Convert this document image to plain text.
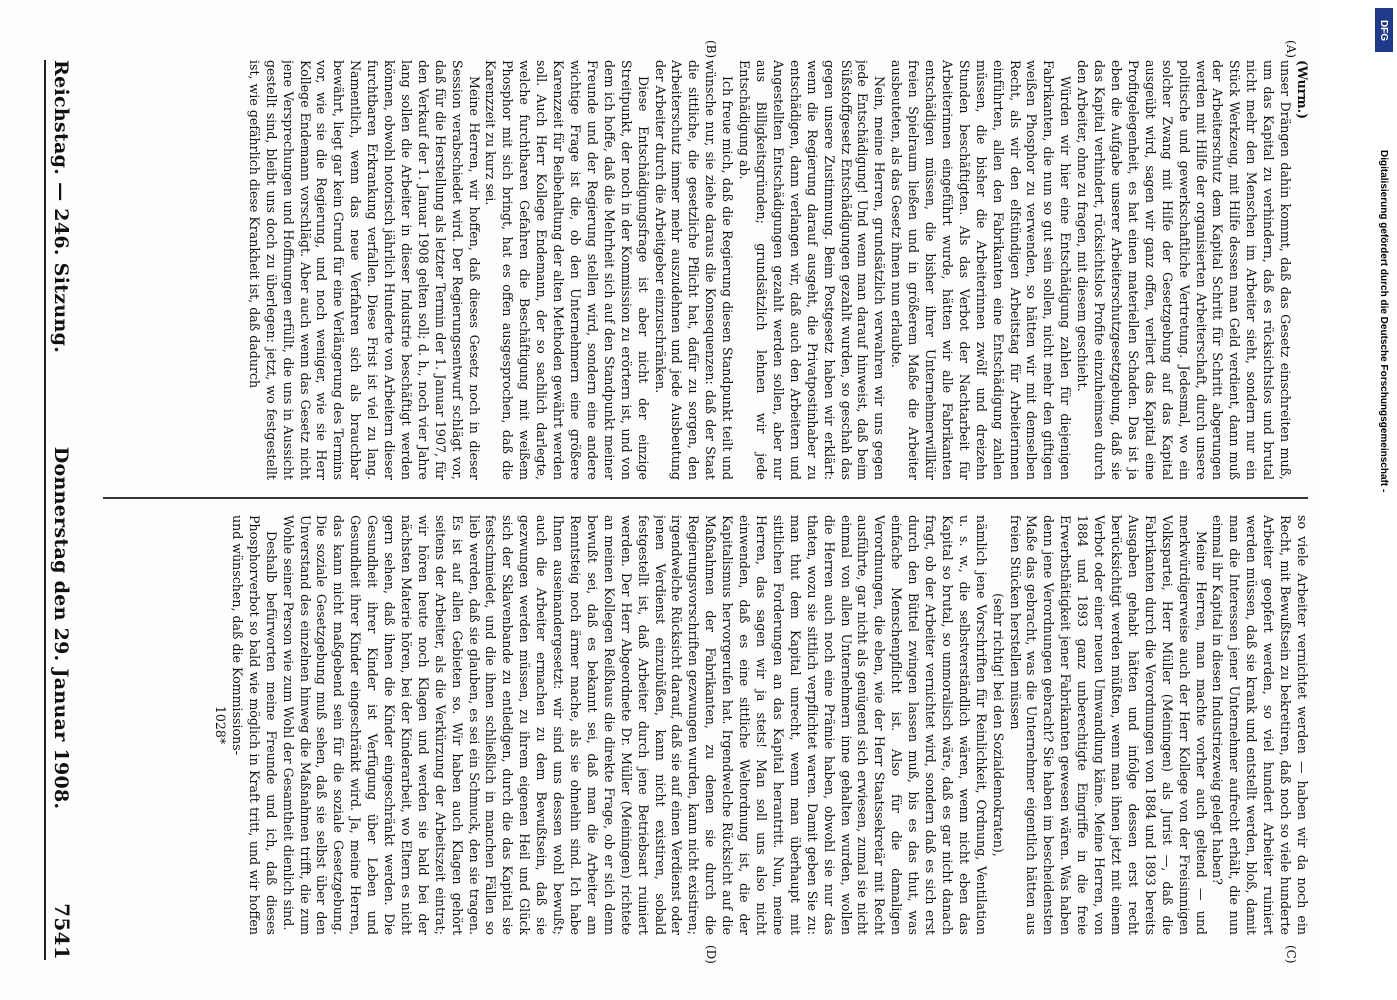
(Wurm.)

unser Drängen dahin kommt, daß das Gesetz einschreiten muß, um das Kapital zu verhindern, daß es rücksichtslos und brutal nicht mehr den Menschen im Arbeiter sieht, sondern nur ein Stück Werkzeug, mit Hilfe dessen man Geld verdient, dann muß der Arbeiterschutz dem Kapital Schritt für Schritt abgerungen werden mit Hilfe der organisierten Arbeiterschaft, durch unsere politische und gewerkschaftliche Vertretung. Jedesmal, wo ein solcher Zwang mit Hilfe der Gesetzgebung auf das Kapital ausgeübt wird, sagen wir ganz offen, verliert das Kapital eine Profitgelegenheit, es hat einen materiellen Schaden. Das ist ja eben die Aufgabe unserer Arbeiterschutzgesetzgebung, daß sie das Kapital verhindert, rücksichtslos Profite einzuheimsen durch den Arbeiter, ohne zu fragen, mit diesem geschieht.

Würden wir hier eine Entschädigung zahlen für diejenigen Fabrikanten, die nun so gut sein sollen, nicht mehr den giftigen weißen Phosphor zu verwenden, so hätten wir mit demselben Recht, als wir den elfstündigen Arbeitstag für Arbeiterinnen einführten, allen den Fabrikanten eine Entschädigung zahlen müssen, die bisher die Arbeiterinnen zwölf und dreizehn Stunden beschäftigten. Als das Verbot der Nachtarbeit für Arbeiterinnen eingeführt wurde, hätten wir alle Fabrikanten entschädigen müssen, die bisher ihrer Unternehmerwillkür freien Spielraum ließen und in größerem Maße die Arbeiter ausbeuteten, als das Gesetz ihnen nun erlaubte.

Nein, meine Herren, grundsätzlich verwahren wir uns gegen jede Entschädigung! Und wenn man darauf hinweist, daß beim Süßstoffgesetz Entschädigungen gezahlt wurden, so geschah das gegen unsere Zustimmung. Beim Postgesetz haben wir erklärt: wenn die Regierung darauf ausgeht, die Privatpostinhaber zu entschädigen, dann verlangen wir, daß auch den Arbeitern und Angestellten Entschädigungen gezahlt werden sollen, aber nur aus Billigkeitsgründen; grundsätzlich lehnen wir jede Entschädigung ab.

Ich freue mich, daß die Regierung diesen Standpunkt teilt und wünsche nur, sie ziehe daraus die Konsequenzen: daß der Staat die sittliche, die gesetzliche Pflicht hat, dafür zu sorgen, den Arbeiterschutz immer mehr auszudehnen und jede Ausbeutung der Arbeiter durch die Arbeitgeber einzuschränken.

Diese Entschädigungsfrage ist aber nicht der einzige Streitpunkt, der noch in der Kommission zu erörtern ist, und von dem ich hoffe, daß die Mehrheit sich auf den Standpunkt meiner Freunde und der Regierung stellen wird, sondern eine andere wichtige Frage ist die, ob den Unternehmern eine größere Karenzzeit für Beibehaltung der alten Methoden gewährt werden soll. Auch Herr Kollege Endemann, der so sachlich darlegte, welche furchtbaren Gefahren die Beschäftigung mit weißem Phosphor mit sich bringt, hat es offen ausgesprochen, daß die Karenzzeit zu kurz sei.

Meine Herren, wir hoffen, daß dieses Gesetz noch in dieser Session verabschiedet wird. Der Regierungsentwurf schlägt vor, daß für die Herstellung als letzter Termin der 1. Januar 1907, für den Verkauf der 1. Januar 1908 gelten soll; d. h., noch vier Jahre lang sollen die Arbeiter in dieser Industrie beschäftigt werden können, obwohl notorisch jährlich Hunderte von Arbeitern dieser furchtbaren Erkrankung verfallen. Diese Frist ist viel zu lang. Namentlich, wenn das neue Verfahren sich als brauchbar bewährt, liegt gar kein Grund für eine Verlängerung des Termins vor, wie sie die Regierung, und noch weniger, wie sie Herr Kollege Endemann vorschlägt. Aber auch wenn das Gesetz nicht jene Versprechungen und Hoffnungen erfüllt, die uns in Aussicht gestellt sind, bleibt uns doch zu überlegen: jetzt, wo festgestellt ist, wie gefährlich diese Krankheit ist, daß dadurch

so viele Arbeiter vernichtet werden — haben wir da noch ein Recht, mit Bewußtsein zu bekretiren, daß noch so viele hunderte Arbeiter geopfert werden, so viel hundert Arbeiter ruiniert werden müssen, daß sie krank und entstellt werden, bloß, damit man die Interessen jener Unternehmer aufrecht erhält, die nun einmal ihr Kapital in diesen Industriezweig gelegt haben?

Meine Herren, man machte vorher auch geltend — und merkwürdigerweise auch der Herr Kollege von der Freisinnigen Volkspartei, Herr Müller (Meiningen) als Jurist —, daß die Fabrikanten durch die Verordnungen von 1884 und 1893 bereits Ausgaben gehabt hätten und infolge dessen erst recht berücksichtigt werden müßten, wenn man ihnen jetzt mit einem Verbot oder einer neuen Umwandlung käme. Meine Herren, von 1884 und 1893 ganz unberechtigte Eingriffe in die freie Erwerbsthätigkeit jener Fabrikanten gewesen wären. Was haben denn jene Verordnungen gebracht? Sie haben im bescheidensten Maße das gebracht, was die Unternehmer eigentlich hätten aus freien Stücken herstellen müssen

(sehr richtig! bei den Sozialdemokraten),

nämlich jene Vorschriften für Reinlichkeit, Ordnung, Ventilation u. s. w., die selbstverständlich wären, wenn nicht eben das Kapital so brutal, so unmoralisch wäre, daß es gar nicht danach fragt, ob der Arbeiter vernichtet wird, sondern daß es sich erst durch den Büttel zwingen lassen muß, bis es das thut, was einfache Menschenpflicht ist. Also für die damaligen Verordnungen, die eben, wie der Herr Staatssekretär mit Recht ausführte, gar nicht als genügend sich erwiesen, zumal sie nicht einmal von allen Unternehmern inne gehalten wurden, wollen die Herren auch noch eine Prämie haben, obwohl sie nur das thaten, wozu sie sittlich verpflichtet waren. Damit geben Sie zu: man thut dem Kapital unrecht, wenn man überhaupt mit sittlichen Forderungen an das Kapital herantritt. Nun, meine Herren, das sagen wir ja stets! Man soll uns also nicht einwenden, daß es eine sittliche Weltordnung ist, die der Kapitalismus hervorgerufen hat. Irgendwelche Rücksicht auf die Maßnahmen der Fabrikanten, zu denen sie durch die Regierungsvorschriften gezwungen wurden, kann nicht existiren; irgendwelche Rücksicht darauf, daß sie auf einen Verdienst oder jenen Verdienst einzubüßen, kann nicht existiren, sobald festgestellt ist, daß Arbeiter durch jene Betriebsart ruiniert werden. Der Herr Abgeordnete Dr. Müller (Meiningen) richtete an meinen Kollegen Reißhaus die direkte Frage, ob er sich denn bewußt sei, daß es bekannt sei, daß man die Arbeiter am Renntsteig noch ärmer mache, als sie ohnehin sind. Ich habe Ihnen auseinandergesetzt: wir sind uns dessen wohl bewußt; auch die Arbeiter ermachen zu dem Bewußtsein, daß sie gezwungen werden müssen, zu ihrem eigenen Heil und Glück sich der Sklavenbande zu entledigen, durch die das Kapital sie festschmiedet, und die ihnen schließlich in manchen Fällen so lieb werden, daß sie glauben, es sei ein Schmuck, den sie tragen. Es ist auf allen Gebieten so. Wir haben auch Klagen gehört seitens der Arbeiter, als die Verkürzung der Arbeitszeit eintrat; wir hören heute noch Klagen und werden sie bald bei der nächsten Materie hören, bei der Kinderarbeit, wo Eltern es nicht gern sehen, daß ihnen die Kinder eingeschränkt werden. Die Gesundheit ihrer Kinder ist Verfügung über Leben und Gesundheit ihrer Kinder eingeschränkt wird. Ja, meine Herren, das kann nicht maßgebend sein für die soziale Gesetzgebung. Die soziale Gesetzgebung muß sehen, daß sie selbst über den Unverstand des einzelnen hinweg die Maßnahmen trifft, die zum Wohle seiner Person wie zum Wohl der Gesamtheit dienlich sind.

Deshalb befürworten meine Freunde und ich, daß dieses Phosphorverbot so bald wie möglich in Kraft tritt, und wir hoffen und wünschen, daß die Kommissions-

1028*

(A)
(B)
(C)
(D)
Reichstag. — 246. Sitzung.
Donnerstag den 29. Januar 1908.
7541
DFG
Digitalisierung gefördert durch die Deutsche Forschungsgemeinschaft -
